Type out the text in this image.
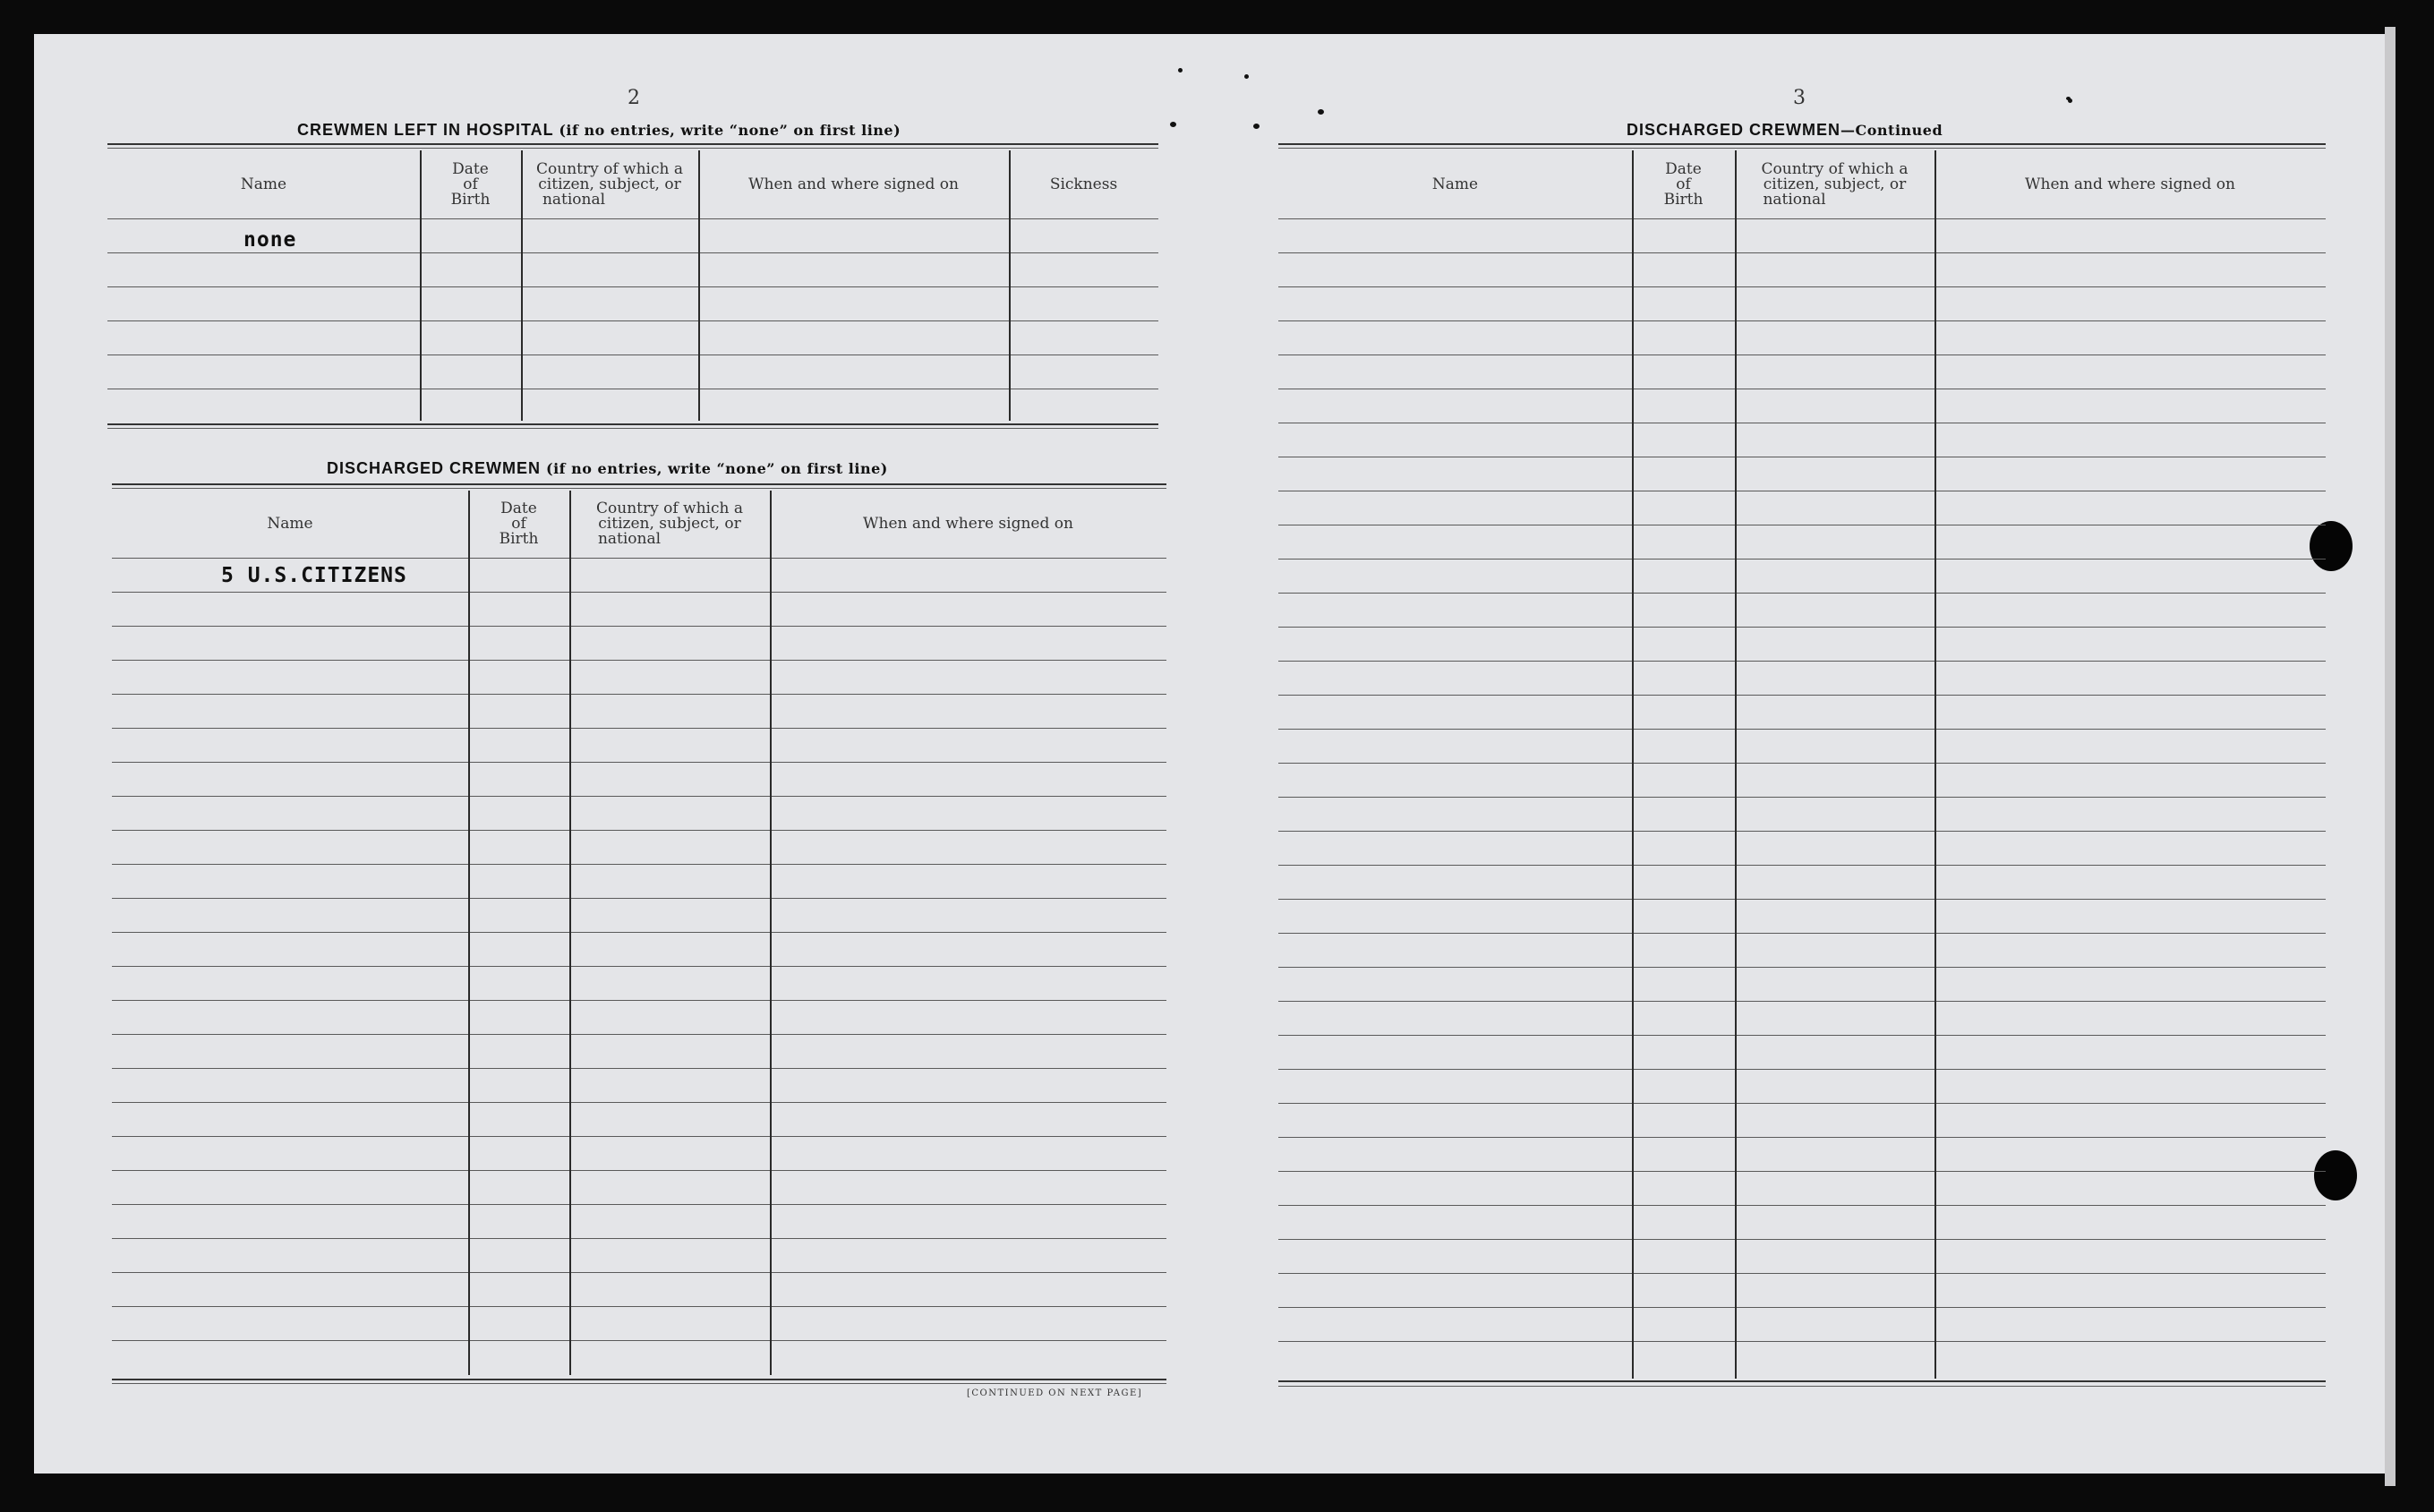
2
CREWMEN LEFT IN HOSPITAL (if no entries, write “none” on first line)
Name
Date
of
Birth
Country of which a
citizen, subject, or
national
When and where signed on	Sickness
none
DISCHARGED CREWMEN (if no entries, write “none” on first line)
Name
Date
of
Birth
Country of which a
citizen, subject, or
national
When and where signed on
5 U.S.CITIZENS
[CONTINUED ON NEXT PAGE]
3
DISCHARGED CREWMEN—Continued
Name
Date
of
Birth
Country of which a
citizen, subject, or
national
When and where signed on
